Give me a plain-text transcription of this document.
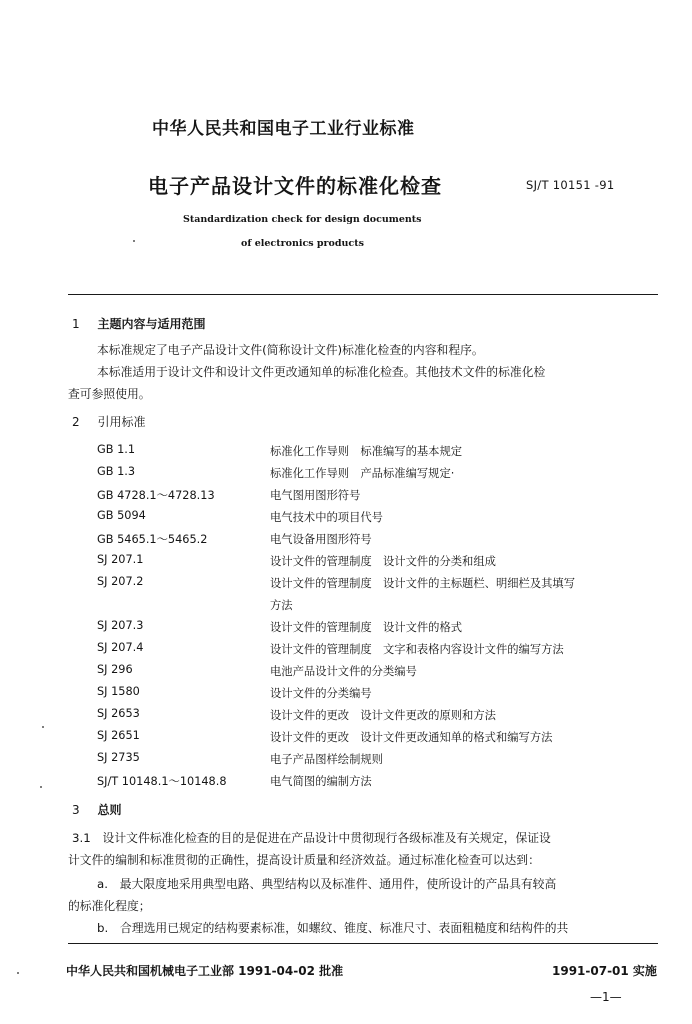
中华人民共和国电子工业行业标准
电子产品设计文件的标准化检查	SJ/T 10151 -91
Standardization check for design documents
of electronics products
1 主题内容与适用范围
本标准规定了电子产品设计文件(简称设计文件)标准化检查的内容和程序。
本标准适用于设计文件和设计文件更改通知单的标准化检查。其他技术文件的标准化检
查可参照使用。
2 引用标准
GB 1.1	标准化工作导则　标准编写的基本规定
GB 1.3	标准化工作导则　产品标准编写规定·
GB 4728.1～4728.13	电气图用图形符号
GB 5094	电气技术中的项目代号
GB 5465.1～5465.2	电气设备用图形符号
SJ 207.1	设计文件的管理制度　设计文件的分类和组成
SJ 207.2	设计文件的管理制度　设计文件的主标题栏、明细栏及其填写
方法
SJ 207.3	设计文件的管理制度　设计文件的格式
SJ 207.4	设计文件的管理制度　文字和表格内容设计文件的编写方法
SJ 296	电池产品设计文件的分类编号
SJ 1580	设计文件的分类编号
SJ 2653	设计文件的更改　设计文件更改的原则和方法
SJ 2651	设计文件的更改　设计文件更改通知单的格式和编写方法
SJ 2735	电子产品图样绘制规则
SJ/T 10148.1～10148.8	电气简图的编制方法
3 总则
3.1　设计文件标准化检查的目的是促进在产品设计中贯彻现行各级标准及有关规定，保证设
计文件的编制和标准贯彻的正确性，提高设计质量和经济效益。通过标准化检查可以达到：
a.　最大限度地采用典型电路、典型结构以及标准件、通用件，使所设计的产品具有较高
的标准化程度；
b.　合理选用已规定的结构要素标准，如螺纹、锥度、标准尺寸、表面粗糙度和结构件的共
中华人民共和国机械电子工业部 1991-04-02 批准	1991-07-01 实施
—1—
